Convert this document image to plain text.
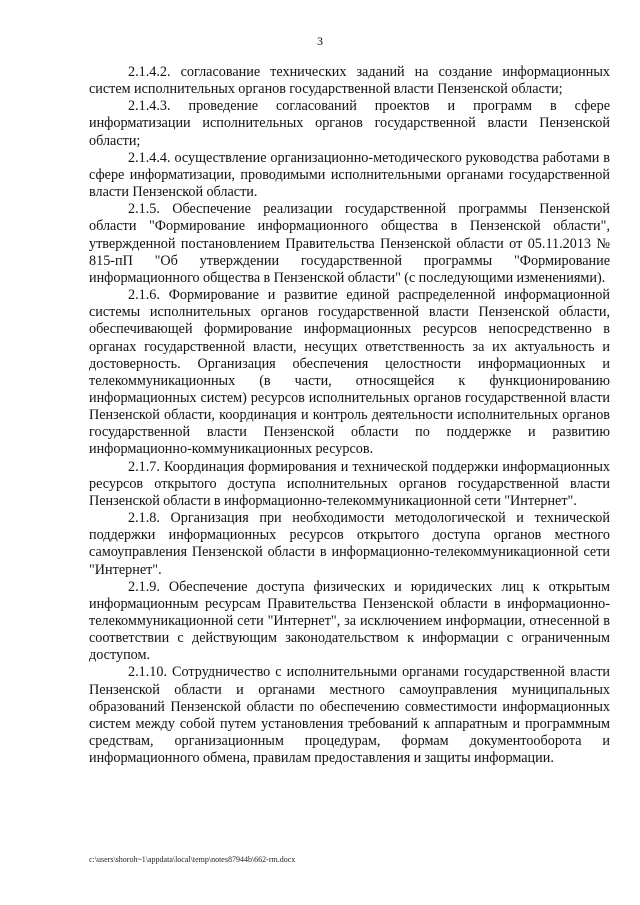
3

2.1.4.2. согласование технических заданий на создание информационных систем исполнительных органов государственной власти Пензенской области;

2.1.4.3. проведение согласований проектов и программ в сфере информатизации исполнительных органов государственной власти Пензенской области;

2.1.4.4. осуществление организационно-методического руководства работами в сфере информатизации, проводимыми исполнительными органами государственной власти Пензенской области.

2.1.5. Обеспечение реализации государственной программы Пензенской области "Формирование информационного общества в Пензенской области", утвержденной постановлением Правительства Пензенской области от 05.11.2013 № 815-пП "Об утверждении государственной программы "Формирование информационного общества в Пензенской области" (с последующими изменениями).

2.1.6. Формирование и развитие единой распределенной информационной системы исполнительных органов государственной власти Пензенской области, обеспечивающей формирование информационных ресурсов непосредственно в органах государственной власти, несущих ответственность за их актуальность и достоверность. Организация обеспечения целостности информационных и телекоммуникационных (в части, относящейся к функционированию информационных систем) ресурсов исполнительных органов государственной власти Пензенской области, координация и контроль деятельности исполнительных органов государственной власти Пензенской области по поддержке и развитию информационно-коммуникационных ресурсов.

2.1.7. Координация формирования и технической поддержки информационных ресурсов открытого доступа исполнительных органов государственной власти Пензенской области в информационно-телекоммуникационной сети "Интернет".

2.1.8. Организация при необходимости методологической и технической поддержки информационных ресурсов открытого доступа органов местного самоуправления Пензенской области в информационно-телекоммуникационной сети "Интернет".

2.1.9. Обеспечение доступа физических и юридических лиц к открытым информационным ресурсам Правительства Пензенской области в информационно-телекоммуникационной сети "Интернет", за исключением информации, отнесенной в соответствии с действующим законодательством к информации с ограниченным доступом.

2.1.10. Сотрудничество с исполнительными органами государственной власти Пензенской области и органами местного самоуправления муниципальных образований Пензенской области по обеспечению совместимости информационных систем между собой путем установления требований к аппаратным и программным средствам, организационным процедурам, формам документооборота и информационного обмена, правилам предоставления и защиты информации.

c:\users\shoroh~1\appdata\local\temp\notes87944b\662-rm.docx
